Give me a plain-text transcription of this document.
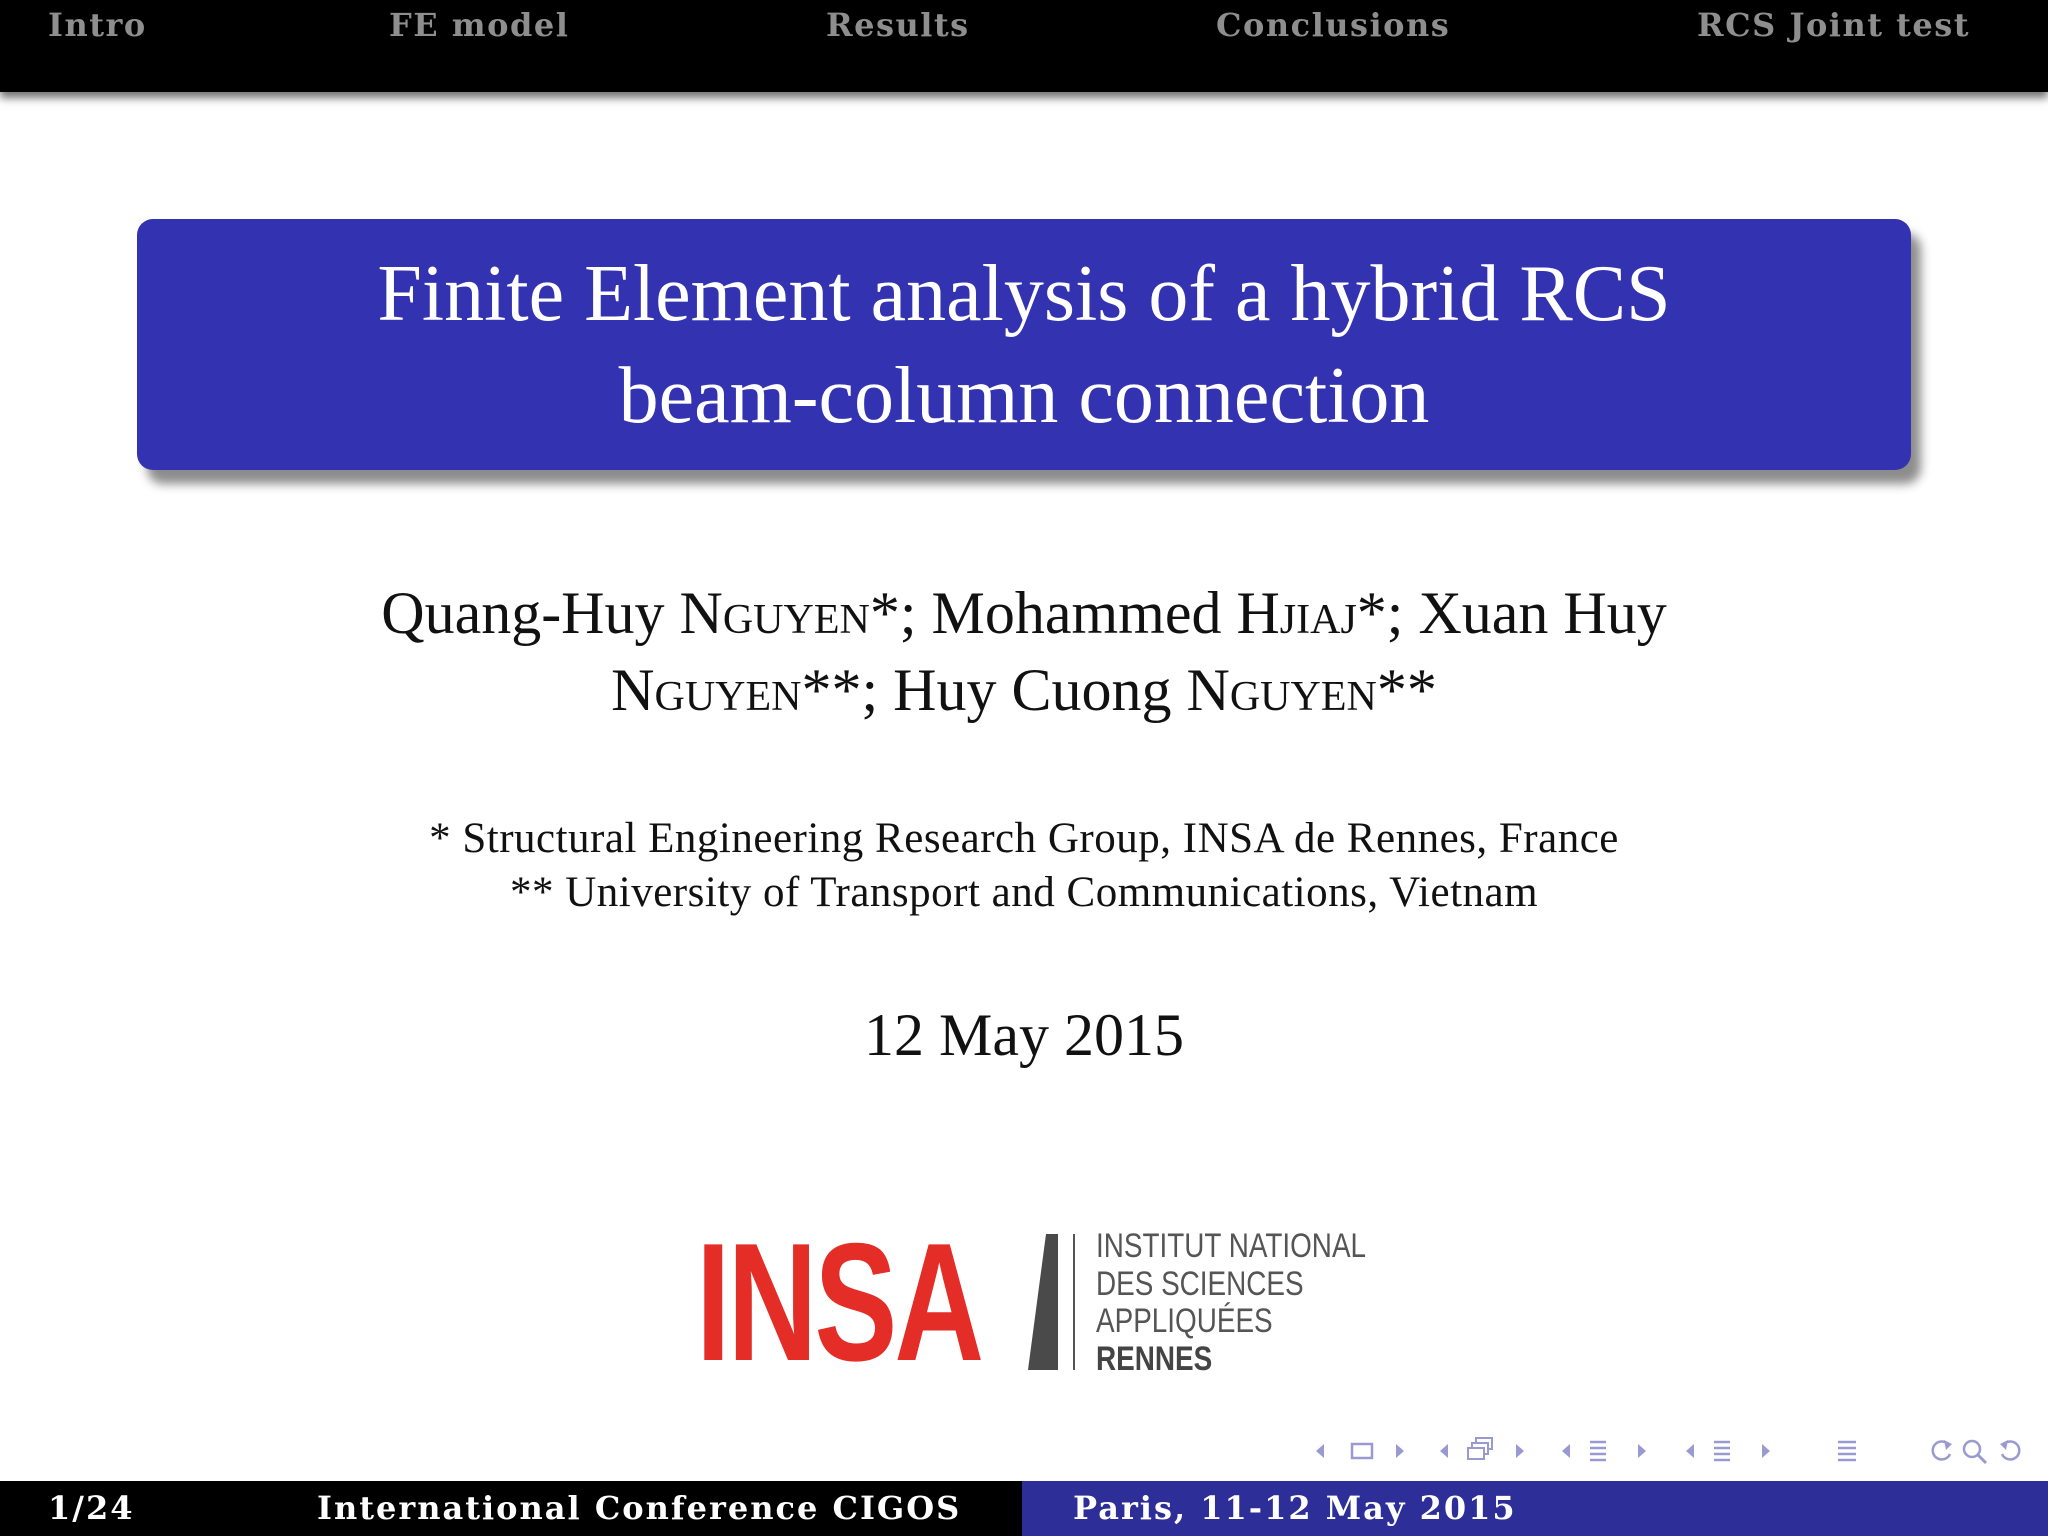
Intro	FE model	Results	Conclusions	RCS Joint test
Finite Element analysis of a hybrid RCS
beam-column connection
Quang-Huy Nguyen*; Mohammed Hjiaj*; Xuan Huy
Nguyen**; Huy Cuong Nguyen**
* Structural Engineering Research Group, INSA de Rennes, France
** University of Transport and Communications, Vietnam
12 May 2015
INSA	INSTITUT NATIONAL
DES SCIENCES
APPLIQUÉES
RENNES
1/24	International Conference CIGOS	Paris, 11-12 May 2015
